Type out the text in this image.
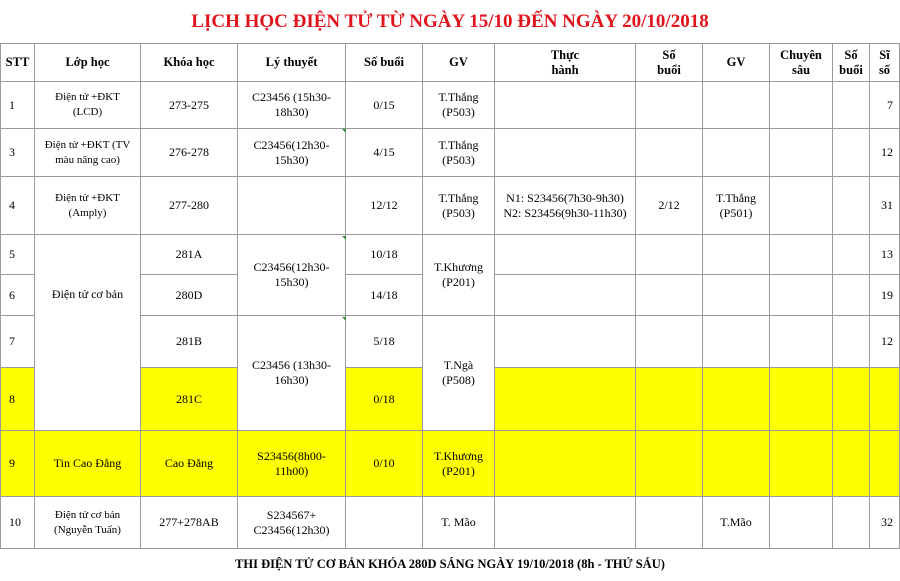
LỊCH HỌC ĐIỆN TỬ TỪ NGÀY 15/10 ĐẾN NGÀY 20/10/2018
STT	Lớp học	Khóa học	Lý thuyết	Số buổi	GV	Thực hành	Số buổi	GV	Chuyên sâu	Số buổi	Sĩ số
1	Điện tử +ĐKT (LCD)	273-275	C23456 (15h30-18h30)	0/15	T.Thắng (P503)						7
3	Điện tử +ĐKT (TV màu nâng cao)	276-278	C23456(12h30-15h30)	4/15	T.Thắng (P503)						12
4	Điện tử +ĐKT (Amply)	277-280		12/12	T.Thắng (P503)	N1: S23456(7h30-9h30)
N2: S23456(9h30-11h30)	2/12	T.Thắng (P501)			31
5	Điện tử cơ bản	281A	C23456(12h30-15h30)	10/18	T.Khương (P201)						13
6		280D		14/18							19
7		281B	C23456 (13h30-16h30)	5/18	T.Ngà (P508)						12
8		281C		0/18							
9	Tin Cao Đẳng	Cao Đẳng	S23456(8h00-11h00)	0/10	T.Khương (P201)						
10	Điện tử cơ bản (Nguyễn Tuấn)	277+278AB	S234567+ C23456(12h30)		T. Mão			T.Mão			32
THI ĐIỆN TỬ CƠ BẢN KHÓA 280D SÁNG NGÀY 19/10/2018 (8h - THỨ SÁU)
